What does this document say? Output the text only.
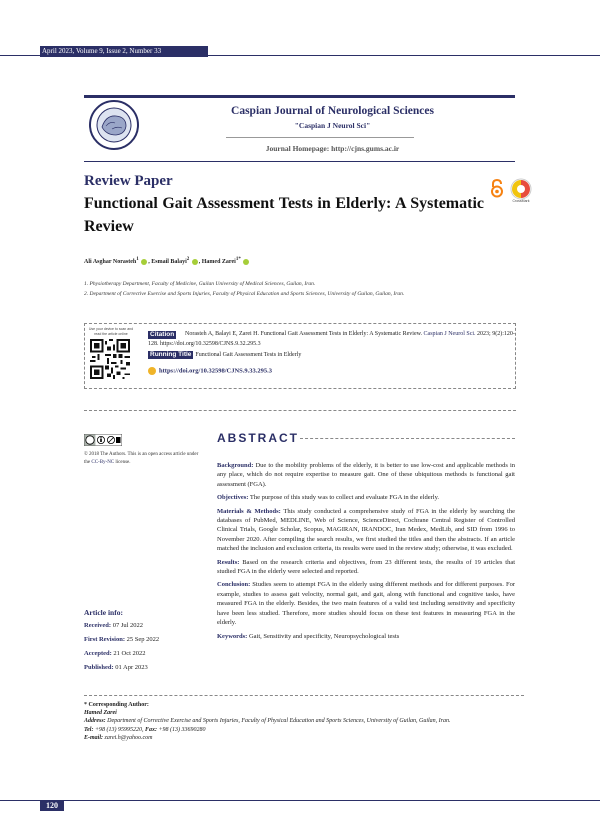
April 2023, Volume 9, Issue 2, Number 33
Caspian Journal of Neurological Sciences
"Caspian J Neurol Sci"
Journal Homepage: http://cjns.gums.ac.ir
Review Paper
Functional Gait Assessment Tests in Elderly: A Systematic Review
CrossMark
Ali Asghar Norasteh$^1$ , Esmail Balayi$^2$ , Hamed Zarei$^{1*}$
1. Physiotherapy Department, Faculty of Medicine, Guilan University of Medical Sciences, Guilan, Iran.
2. Department of Corrective Exercise and Sports Injuries, Faculty of Physical Education and Sports Sciences, University of Guilan, Guilan, Iran.
Use your device to scan and read the article online	Citation	Norasteh A, Balayi E, Zarei H. Functional Gait Assessment Tests in Elderly: A Systematic Review. Caspian J Neurol Sci. 2023; 9(2):120-128. https://doi.org/10.32598/CJNS.9.32.295.3
Running Title Functional Gait Assessment Tests in Elderly
https://doi.org/10.32598/CJNS.9.33.295.3
© 2018 The Authors. This is an open access article under the CC-By-NC license.
Article info:
Received: 07 Jul 2022
First Revision: 25 Sep 2022
Accepted: 21 Oct 2022
Published: 01 Apr 2023
ABSTRACT

Background: Due to the mobility problems of the elderly, it is better to use low-cost and applicable methods in any place, which do not require expertise to measure gait. One of these ubiquitous methods is functional gait assessment (FGA).

Objectives: The purpose of this study was to collect and evaluate FGA in the elderly.

Materials & Methods: This study conducted a comprehensive study of FGA in the elderly by searching the databases of PubMed, MEDLINE, Web of Science, ScienceDirect, Cochrane Central Register of Controlled Clinical Trials, Google Scholar, Scopus, MAGIRAN, IRANDOC, Iran Medex, MedLib, and SID from 1996 to November 2020. After compiling the search results, we first studied the titles and then the abstracts. If an article matched the inclusion and exclusion criteria, its results were used in the review study; otherwise, it was excluded.

Results: Based on the research criteria and objectives, from 23 different tests, the results of 19 articles that studied FGA in the elderly were selected and reported.

Conclusion: Studies seem to attempt FGA in the elderly using different methods and for different purposes. For example, studies to assess gait velocity, normal gait, and gait, along with functional and cognitive tasks, have measured FGA in the elderly. Besides, the two main features of a valid test including sensitivity and specificity have been less studied. Therefore, more studies should focus on these test features in measuring FGA in the elderly.

Keywords: Gait, Sensitivity and specificity, Neuropsychological tests

* Corresponding Author:
Hamed Zarei
Address: Department of Corrective Exercise and Sports Injuries, Faculty of Physical Education and Sports Sciences, University of Guilan, Guilan, Iran.
Tel: +98 (13) 95995220, Fax: +98 (13) 33690280
E-mail: zarei.h@yahoo.com
120
